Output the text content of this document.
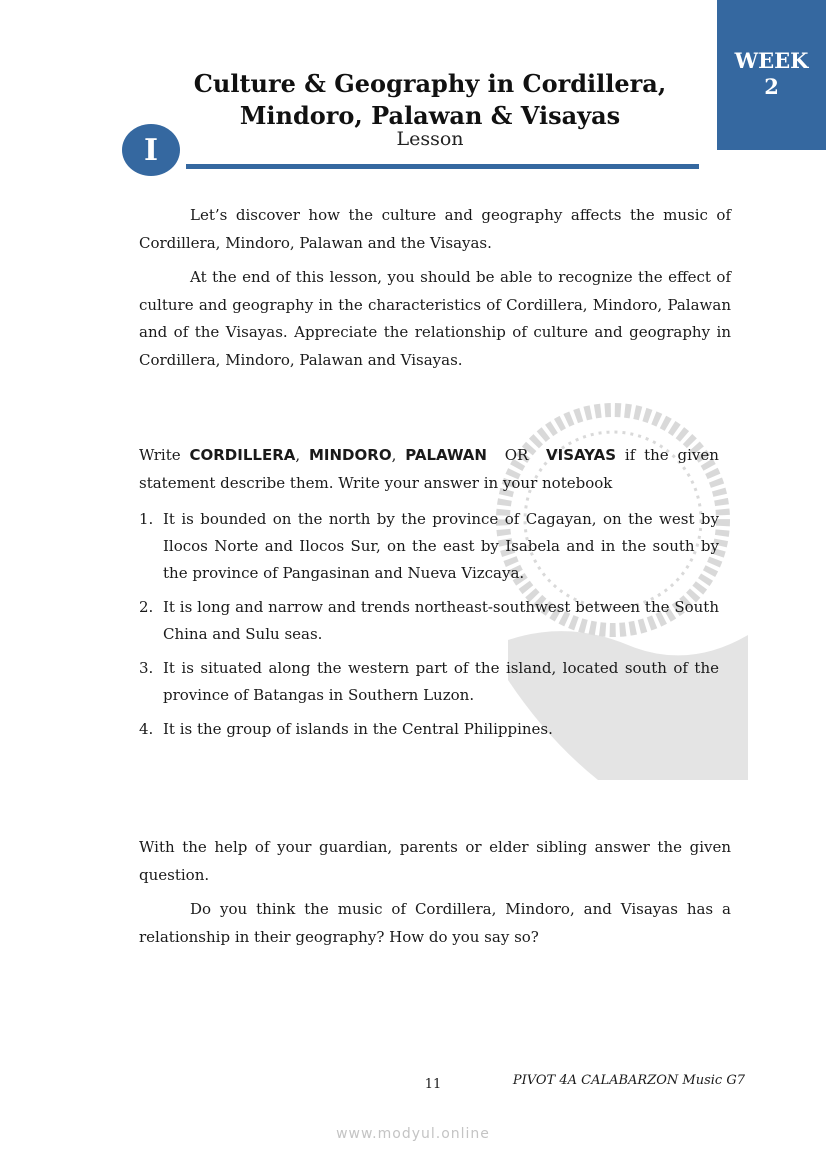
WEEK
2
Culture & Geography in Cordillera,
Mindoro, Palawan & Visayas
Lesson
I
Let’s discover how the culture and geography affects the music of Cordillera, Mindoro, Palawan and the Visayas.
At the end of this lesson, you should be able to recognize the effect of culture and geography in the characteristics of Cordillera, Mindoro, Palawan and of the Visayas. Appreciate the relationship of culture and geography in Cordillera, Mindoro, Palawan and Visayas.
Write CORDILLERA, MINDORO, PALAWAN OR VISAYAS if the given statement describe them. Write your answer in your notebook
1. It is bounded on the north by the province of Cagayan, on the west by Ilocos Norte and Ilocos Sur, on the east by Isabela and in the south by the province of Pangasinan and Nueva Vizcaya.
2. It is long and narrow and trends northeast-southwest between the South China and Sulu seas.
3. It is situated along the western part of the island, located south of the province of Batangas in Southern Luzon.
4. It is the group of islands in the Central Philippines.
With the help of your guardian, parents or elder sibling answer the given question.
Do you think the music of Cordillera, Mindoro, and Visayas has a relationship in their geography? How do you say so?
11	PIVOT 4A CALABARZON Music G7
www.modyul.online
